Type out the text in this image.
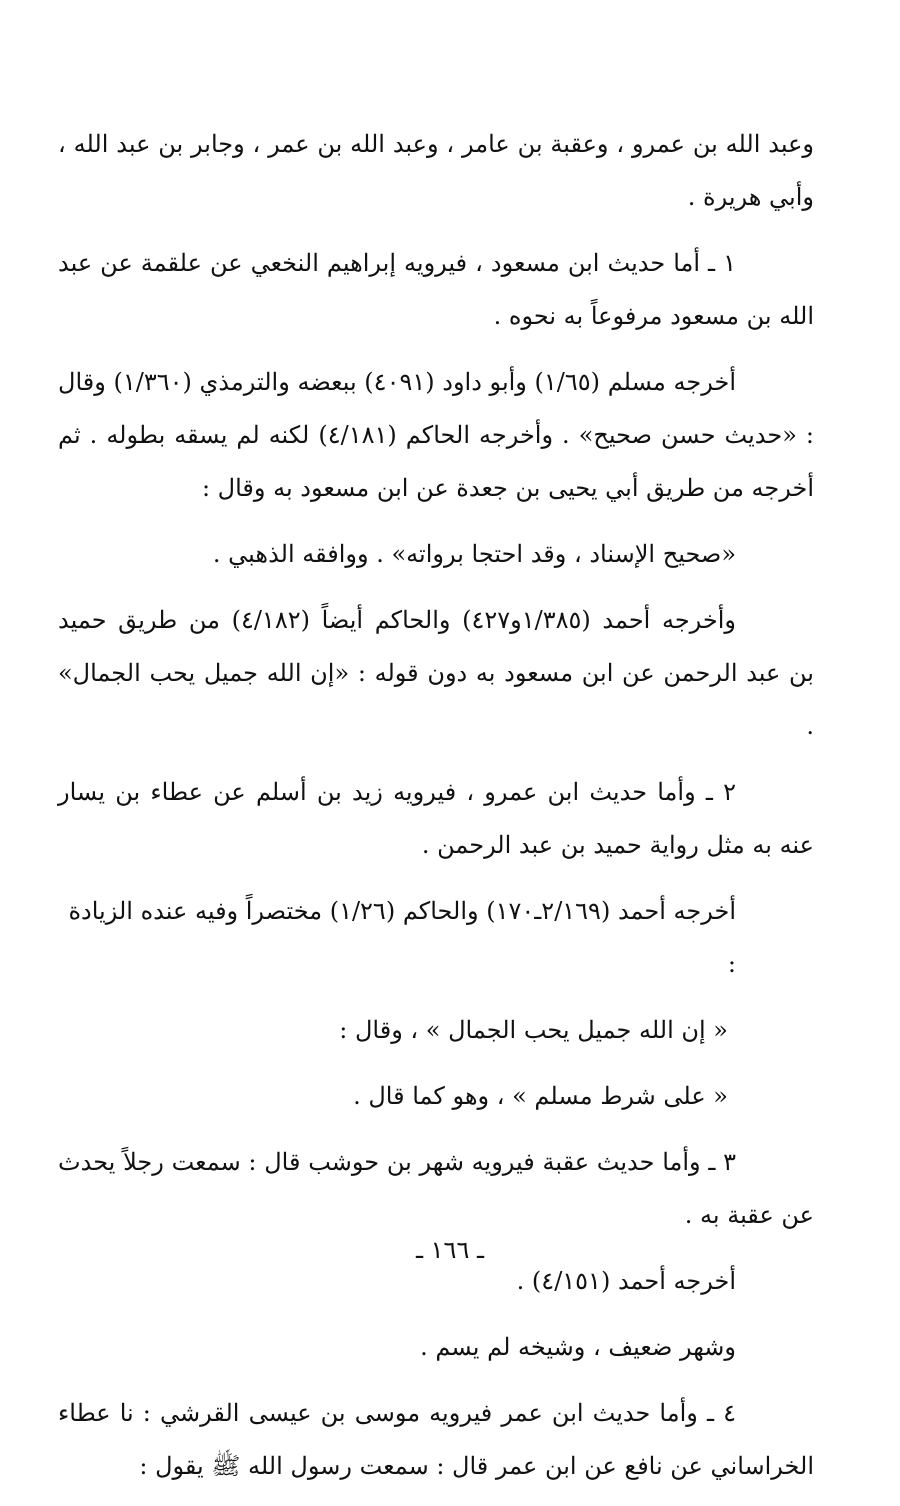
وعبد الله بن عمرو ، وعقبة بن عامر ، وعبد الله بن عمر ، وجابر بن عبد الله ، وأبي هريرة .

١ ـ أما حديث ابن مسعود ، فيرويه إبراهيم النخعي عن علقمة عن عبد الله بن مسعود مرفوعاً به نحوه .

أخرجه مسلم (١/٦٥) وأبو داود (٤٠٩١) ببعضه والترمذي (١/٣٦٠) وقال : «حديث حسن صحيح» . وأخرجه الحاكم (٤/١٨١) لكنه لم يسقه بطوله . ثم أخرجه من طريق أبي يحيى بن جعدة عن ابن مسعود به وقال :

«صحيح الإسناد ، وقد احتجا برواته» . ووافقه الذهبي .

وأخرجه أحمد (١/٣٨٥و٤٢٧) والحاكم أيضاً (٤/١٨٢) من طريق حميد بن عبد الرحمن عن ابن مسعود به دون قوله : «إن الله جميل يحب الجمال» .

٢ ـ وأما حديث ابن عمرو ، فيرويه زيد بن أسلم عن عطاء بن يسار عنه به مثل رواية حميد بن عبد الرحمن .

أخرجه أحمد (٢/١٦٩ـ١٧٠) والحاكم (١/٢٦) مختصراً وفيه عنده الزيادة :

« إن الله جميل يحب الجمال » ، وقال :

« على شرط مسلم » ، وهو كما قال .

٣ ـ وأما حديث عقبة فيرويه شهر بن حوشب قال : سمعت رجلاً يحدث عن عقبة به .

أخرجه أحمد (٤/١٥١) .

وشهر ضعيف ، وشيخه لم يسم .

٤ ـ وأما حديث ابن عمر فيرويه موسى بن عيسى القرشي : نا عطاء الخراساني عن نافع عن ابن عمر قال : سمعت رسول الله ﷺ يقول :

ـ ١٦٦ ـ
